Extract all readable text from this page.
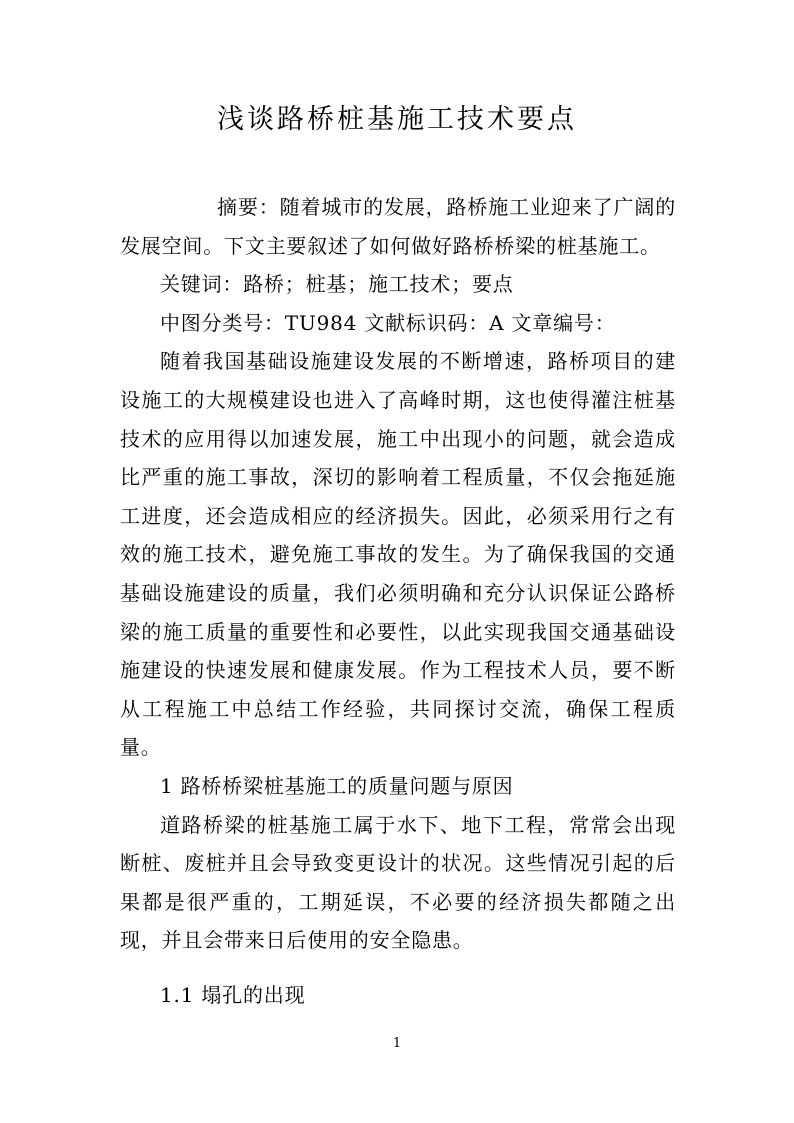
浅谈路桥桩基施工技术要点

摘要：随着城市的发展，路桥施工业迎来了广阔的发展空间。下文主要叙述了如何做好路桥桥梁的桩基施工。

关键词：路桥；桩基；施工技术；要点

中图分类号：TU984 文献标识码：A 文章编号：

随着我国基础设施建设发展的不断增速，路桥项目的建设施工的大规模建设也进入了高峰时期，这也使得灌注桩基技术的应用得以加速发展，施工中出现小的问题，就会造成比严重的施工事故，深切的影响着工程质量，不仅会拖延施工进度，还会造成相应的经济损失。因此，必须采用行之有效的施工技术，避免施工事故的发生。为了确保我国的交通基础设施建设的质量，我们必须明确和充分认识保证公路桥梁的施工质量的重要性和必要性，以此实现我国交通基础设施建设的快速发展和健康发展。作为工程技术人员，要不断从工程施工中总结工作经验，共同探讨交流，确保工程质量。

1 路桥桥梁桩基施工的质量问题与原因

道路桥梁的桩基施工属于水下、地下工程，常常会出现断桩、废桩并且会导致变更设计的状况。这些情况引起的后果都是很严重的，工期延误，不必要的经济损失都随之出现，并且会带来日后使用的安全隐患。

1.1 塌孔的出现

1
